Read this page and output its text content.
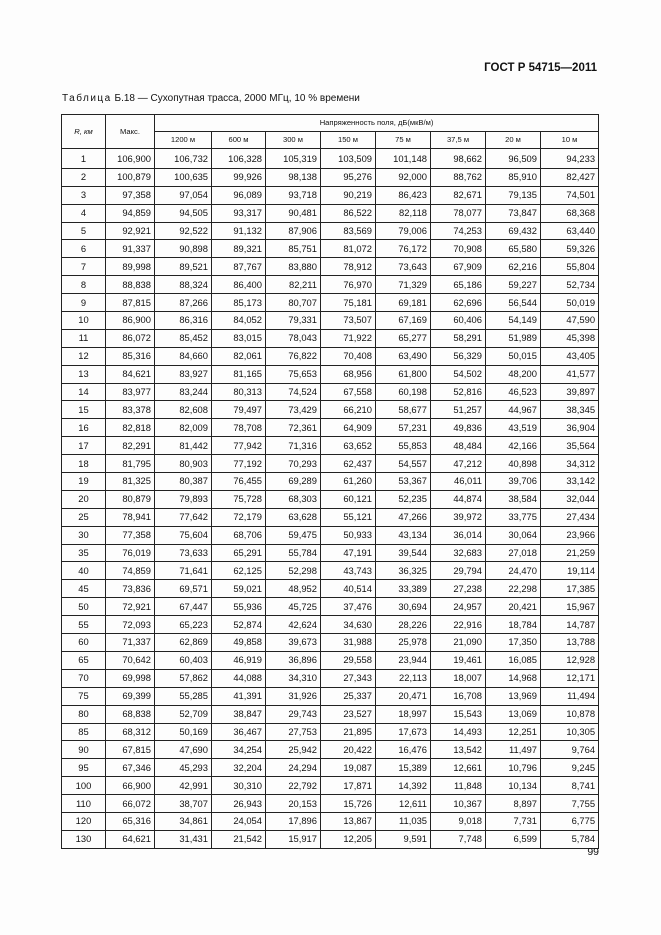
ГОСТ Р 54715—2011
Таблица Б.18 — Сухопутная трасса, 2000 МГц, 10 % времени
R, км	Макс.	Напряженность поля, дБ(мкВ/м)							
		1200 м	600 м	300 м	150 м	75 м	37,5 м	20 м	10 м
1	106,900	106,732	106,328	105,319	103,509	101,148	98,662	96,509	94,233
2	100,879	100,635	99,926	98,138	95,276	92,000	88,762	85,910	82,427
3	97,358	97,054	96,089	93,718	90,219	86,423	82,671	79,135	74,501
4	94,859	94,505	93,317	90,481	86,522	82,118	78,077	73,847	68,368
5	92,921	92,522	91,132	87,906	83,569	79,006	74,253	69,432	63,440
6	91,337	90,898	89,321	85,751	81,072	76,172	70,908	65,580	59,326
7	89,998	89,521	87,767	83,880	78,912	73,643	67,909	62,216	55,804
8	88,838	88,324	86,400	82,211	76,970	71,329	65,186	59,227	52,734
9	87,815	87,266	85,173	80,707	75,181	69,181	62,696	56,544	50,019
10	86,900	86,316	84,052	79,331	73,507	67,169	60,406	54,149	47,590
11	86,072	85,452	83,015	78,043	71,922	65,277	58,291	51,989	45,398
12	85,316	84,660	82,061	76,822	70,408	63,490	56,329	50,015	43,405
13	84,621	83,927	81,165	75,653	68,956	61,800	54,502	48,200	41,577
14	83,977	83,244	80,313	74,524	67,558	60,198	52,816	46,523	39,897
15	83,378	82,608	79,497	73,429	66,210	58,677	51,257	44,967	38,345
16	82,818	82,009	78,708	72,361	64,909	57,231	49,836	43,519	36,904
17	82,291	81,442	77,942	71,316	63,652	55,853	48,484	42,166	35,564
18	81,795	80,903	77,192	70,293	62,437	54,557	47,212	40,898	34,312
19	81,325	80,387	76,455	69,289	61,260	53,367	46,011	39,706	33,142
20	80,879	79,893	75,728	68,303	60,121	52,235	44,874	38,584	32,044
25	78,941	77,642	72,179	63,628	55,121	47,266	39,972	33,775	27,434
30	77,358	75,604	68,706	59,475	50,933	43,134	36,014	30,064	23,966
35	76,019	73,633	65,291	55,784	47,191	39,544	32,683	27,018	21,259
40	74,859	71,641	62,125	52,298	43,743	36,325	29,794	24,470	19,114
45	73,836	69,571	59,021	48,952	40,514	33,389	27,238	22,298	17,385
50	72,921	67,447	55,936	45,725	37,476	30,694	24,957	20,421	15,967
55	72,093	65,223	52,874	42,624	34,630	28,226	22,916	18,784	14,787
60	71,337	62,869	49,858	39,673	31,988	25,978	21,090	17,350	13,788
65	70,642	60,403	46,919	36,896	29,558	23,944	19,461	16,085	12,928
70	69,998	57,862	44,088	34,310	27,343	22,113	18,007	14,968	12,171
75	69,399	55,285	41,391	31,926	25,337	20,471	16,708	13,969	11,494
80	68,838	52,709	38,847	29,743	23,527	18,997	15,543	13,069	10,878
85	68,312	50,169	36,467	27,753	21,895	17,673	14,493	12,251	10,305
90	67,815	47,690	34,254	25,942	20,422	16,476	13,542	11,497	9,764
95	67,346	45,293	32,204	24,294	19,087	15,389	12,661	10,796	9,245
100	66,900	42,991	30,310	22,792	17,871	14,392	11,848	10,134	8,741
110	66,072	38,707	26,943	20,153	15,726	12,611	10,367	8,897	7,755
120	65,316	34,861	24,054	17,896	13,867	11,035	9,018	7,731	6,775
130	64,621	31,431	21,542	15,917	12,205	9,591	7,748	6,599	5,784
99
